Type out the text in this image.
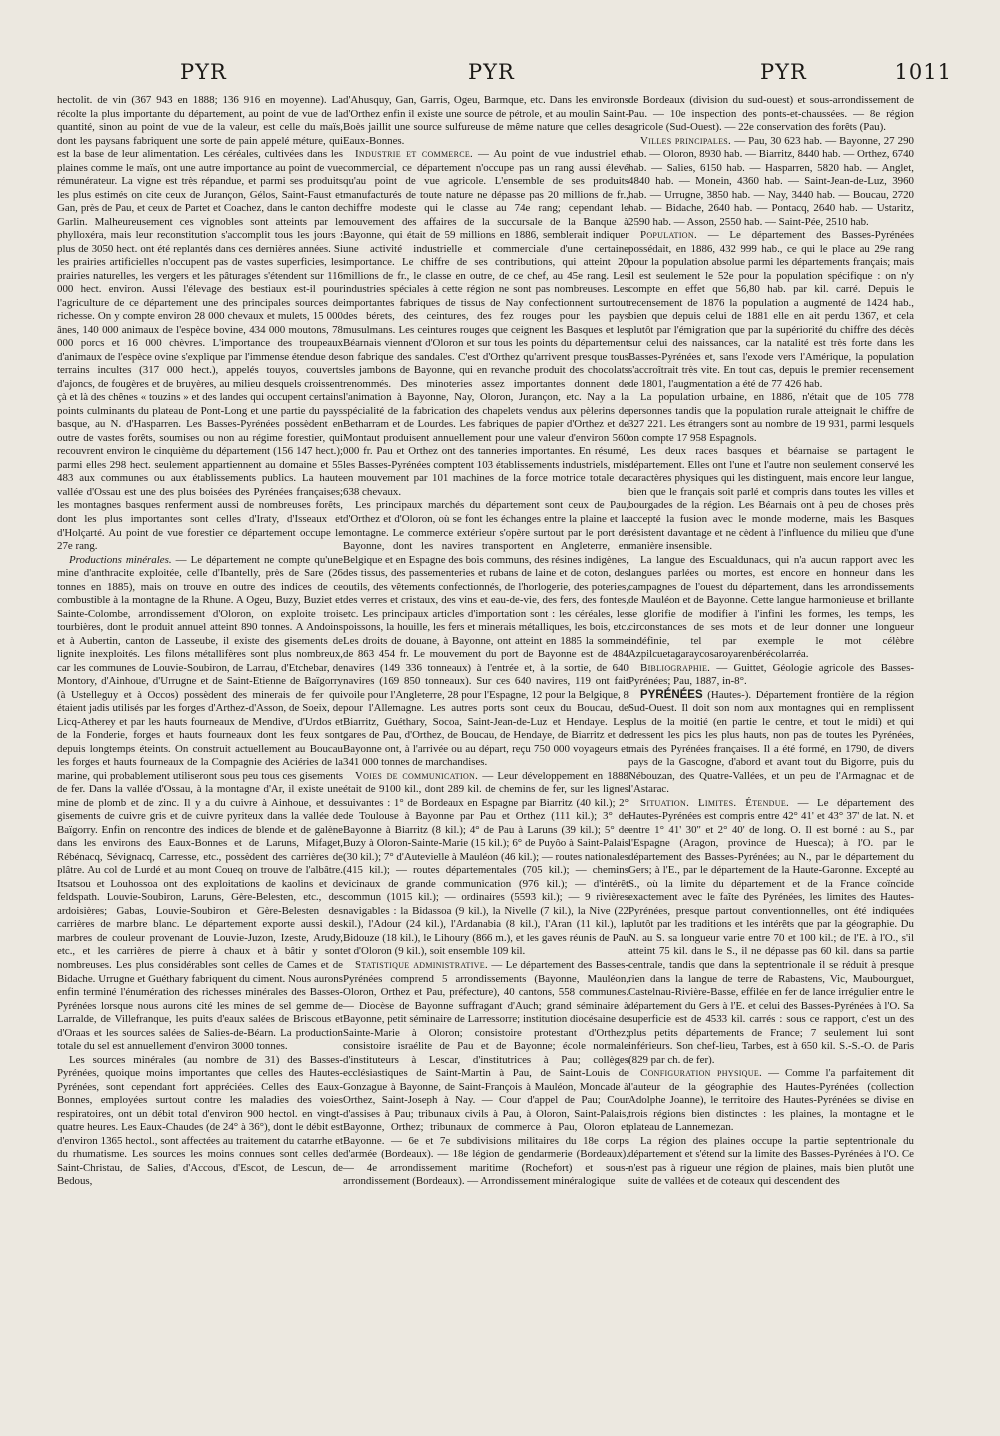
PYR	PYR	PYR	1011

hectolit. de vin (367 943 en 1888; 136 916 en moyenne). La récolte la plus importante du département, au point de vue de la quantité, sinon au point de vue de la valeur, est celle du maïs, dont les paysans fabriquent une sorte de pain appelé méture, qui est la base de leur alimentation. Les céréales, cultivées dans les plaines comme le maïs, ont une autre importance au point de vue rémunérateur. La vigne est très répandue, et parmi ses produits les plus estimés on cite ceux de Jurançon, Gélos, Saint-Faust et Gan, près de Pau, et ceux de Partet et Coachez, dans le canton de Garlin. Malheureusement ces vignobles sont atteints par le phylloxéra, mais leur reconstitution s'accomplit tous les jours : plus de 3050 hect. ont été replantés dans ces dernières années. Si les prairies artificielles n'occupent pas de vastes superficies, les prairies naturelles, les vergers et les pâturages s'étendent sur 116 000 hect. environ. Aussi l'élevage des bestiaux est-il pour l'agriculture de ce département une des principales sources de richesse. On y compte environ 28 000 chevaux et mulets, 15 000 ânes, 140 000 animaux de l'espèce bovine, 434 000 moutons, 78 000 porcs et 16 000 chèvres. L'importance des troupeaux d'animaux de l'espèce ovine s'explique par l'immense étendue des terrains incultes (317 000 hect.), appelés touyos, couverts d'ajoncs, de fougères et de bruyères, au milieu desquels croissent çà et là des chênes « touzins » et des landes qui occupent certains points culminants du plateau de Pont-Long et une partie du pays basque, au N. d'Hasparren. Les Basses-Pyrénées possèdent en outre de vastes forêts, soumises ou non au régime forestier, qui recouvrent environ le cinquième du département (156 147 hect.); parmi elles 298 hect. seulement appartiennent au domaine et 55 483 aux communes ou aux établissements publics. La haute vallée d'Ossau est une des plus boisées des Pyrénées françaises; les montagnes basques renferment aussi de nombreuses forêts, dont les plus importantes sont celles d'Iraty, d'Isseaux et d'Holçarté. Au point de vue forestier ce département occupe le 27e rang.

Productions minérales. — Le département ne compte qu'une mine d'anthracite exploitée, celle d'Ibantelly, près de Sare (26 tonnes en 1885), mais on trouve en outre des indices de ce combustible à la montagne de la Rhune. A Ogeu, Buzy, Buziet et Sainte-Colombe, arrondissement d'Oloron, on exploite trois tourbières, dont le produit annuel atteint 890 tonnes. A Andoins et à Aubertin, canton de Lasseube, il existe des gisements de lignite inexploités. Les filons métallifères sont plus nombreux, car les communes de Louvie-Soubiron, de Larrau, d'Etchebar, de Montory, d'Ainhoue, d'Urrugne et de Saint-Etienne de Baïgorry (à Ustelleguy et à Occos) possèdent des minerais de fer qui étaient jadis utilisés par les forges d'Arthez-d'Asson, de Soeix, de Licq-Atherey et par les hauts fourneaux de Mendive, d'Urdos et de la Fonderie, forges et hauts fourneaux dont les feux sont depuis longtemps éteints. On construit actuellement au Boucau les forges et hauts fourneaux de la Compagnie des Aciéries de la marine, qui probablement utiliseront sous peu tous ces gisements de fer. Dans la vallée d'Ossau, à la montagne d'Ar, il existe une mine de plomb et de zinc. Il y a du cuivre à Ainhoue, et des gisements de cuivre gris et de cuivre pyriteux dans la vallée de Baïgorry. Enfin on rencontre des indices de blende et de galène dans les environs des Eaux-Bonnes et de Laruns, Mifaget, Rébénacq, Sévignacq, Carresse, etc., possèdent des carrières de plâtre. Au col de Lurdé et au mont Coueq on trouve de l'albâtre. Itsatsou et Louhossoa ont des exploitations de kaolins et de feldspath. Louvie-Soubiron, Laruns, Gère-Belesten, etc., des ardoisières; Gabas, Louvie-Soubiron et Gère-Belesten des carrières de marbre blanc. Le département exporte aussi des marbres de couleur provenant de Louvie-Juzon, Izeste, Arudy, etc., et les carrières de pierre à chaux et à bâtir y sont nombreuses. Les plus considérables sont celles de Cames et de Bidache. Urrugne et Guéthary fabriquent du ciment. Nous aurons enfin terminé l'énumération des richesses minérales des Basses-Pyrénées lorsque nous aurons cité les mines de sel gemme de Larralde, de Villefranque, les puits d'eaux salées de Briscous et d'Oraas et les sources salées de Salies-de-Béarn. La production totale du sel est annuellement d'environ 3000 tonnes.

Les sources minérales (au nombre de 31) des Basses-Pyrénées, quoique moins importantes que celles des Hautes-Pyrénées, sont cependant fort appréciées. Celles des Eaux-Bonnes, employées surtout contre les maladies des voies respiratoires, ont un débit total d'environ 900 hectol. en vingt-quatre heures. Les Eaux-Chaudes (de 24° à 36°), dont le débit est d'environ 1365 hectol., sont affectées au traitement du catarrhe et du rhumatisme. Les sources les moins connues sont celles de Saint-Christau, de Salies, d'Accous, d'Escot, de Lescun, de Bedous,

d'Ahusquy, Gan, Garris, Ogeu, Barmque, etc. Dans les environs d'Orthez enfin il existe une source de pétrole, et au moulin Saint-Boès jaillit une source sulfureuse de même nature que celles des Eaux-Bonnes.

Industrie et commerce. — Au point de vue industriel et commercial, ce département n'occupe pas un rang aussi élevé qu'au point de vue agricole. L'ensemble de ses produits manufacturés de toute nature ne dépasse pas 20 millions de fr., chiffre modeste qui le classe au 74e rang; cependant le mouvement des affaires de la succursale de la Banque à Bayonne, qui était de 59 millions en 1886, semblerait indiquer une activité industrielle et commerciale d'une certaine importance. Le chiffre de ses contributions, qui atteint 20 millions de fr., le classe en outre, de ce chef, au 45e rang. Les industries spéciales à cette région ne sont pas nombreuses. Les importantes fabriques de tissus de Nay confectionnent surtout des bérets, des ceintures, des fez rouges pour les pays musulmans. Les ceintures rouges que ceignent les Basques et les Béarnais viennent d'Oloron et sur tous les points du département on fabrique des sandales. C'est d'Orthez qu'arrivent presque tous les jambons de Bayonne, qui en revanche produit des chocolats renommés. Des minoteries assez importantes donnent de l'animation à Bayonne, Nay, Oloron, Jurançon, etc. Nay a la spécialité de la fabrication des chapelets vendus aux pèlerins de Betharram et de Lourdes. Les fabriques de papier d'Orthez et de Montaut produisent annuellement pour une valeur d'environ 560 000 fr. Pau et Orthez ont des tanneries importantes. En résumé, les Basses-Pyrénées comptent 103 établissements industriels, mis en mouvement par 101 machines de la force motrice totale de 638 chevaux.

Les principaux marchés du département sont ceux de Pau, d'Orthez et d'Oloron, où se font les échanges entre la plaine et la montagne. Le commerce extérieur s'opère surtout par le port de Bayonne, dont les navires transportent en Angleterre, en Belgique et en Espagne des bois communs, des résines indigènes, des tissus, des passementeries et rubans de laine et de coton, des outils, des vêtements confectionnés, de l'horlogerie, des poteries, des verres et cristaux, des vins et eau-de-vie, des fers, des fontes, etc. Les principaux articles d'importation sont : les céréales, les poissons, la houille, les fers et minerais métalliques, les bois, etc. Les droits de douane, à Bayonne, ont atteint en 1885 la somme de 863 454 fr. Le mouvement du port de Bayonne est de 484 navires (149 336 tonneaux) à l'entrée et, à la sortie, de 640 navires (169 850 tonneaux). Sur ces 640 navires, 119 ont fait voile pour l'Angleterre, 28 pour l'Espagne, 12 pour la Belgique, 8 pour l'Allemagne. Les autres ports sont ceux du Boucau, de Biarritz, Guéthary, Socoa, Saint-Jean-de-Luz et Hendaye. Les gares de Pau, d'Orthez, de Boucau, de Hendaye, de Biarritz et de Bayonne ont, à l'arrivée ou au départ, reçu 750 000 voyageurs et 341 000 tonnes de marchandises.

Voies de communication. — Leur développement en 1888 était de 9100 kil., dont 289 kil. de chemins de fer, sur les lignes suivantes : 1° de Bordeaux en Espagne par Biarritz (40 kil.); 2° de Toulouse à Bayonne par Pau et Orthez (111 kil.); 3° de Bayonne à Biarritz (8 kil.); 4° de Pau à Laruns (39 kil.); 5° de Buzy à Oloron-Sainte-Marie (15 kil.); 6° de Puyôo à Saint-Palais (30 kil.); 7° d'Autevielle à Mauléon (46 kil.); — routes nationales (415 kil.); — routes départementales (705 kil.); — chemins vicinaux de grande communication (976 kil.); — d'intérêt commun (1015 kil.); — ordinaires (5593 kil.); — 9 rivières navigables : la Bidassoa (9 kil.), la Nivelle (7 kil.), la Nive (22 kil.), l'Adour (24 kil.), l'Ardanabia (8 kil.), l'Aran (11 kil.), la Bidouze (18 kil.), le Lihoury (866 m.), et les gaves réunis de Pau et d'Oloron (9 kil.), soit ensemble 109 kil.

Statistique administrative. — Le département des Basses-Pyrénées comprend 5 arrondissements (Bayonne, Mauléon, Oloron, Orthez et Pau, préfecture), 40 cantons, 558 communes. — Diocèse de Bayonne suffragant d'Auch; grand séminaire à Bayonne, petit séminaire de Larressorre; institution diocésaine de Sainte-Marie à Oloron; consistoire protestant d'Orthez; consistoire israélite de Pau et de Bayonne; école normale d'instituteurs à Lescar, d'institutrices à Pau; collèges ecclésiastiques de Saint-Martin à Pau, de Saint-Louis de Gonzague à Bayonne, de Saint-François à Mauléon, Moncade à Orthez, Saint-Joseph à Nay. — Cour d'appel de Pau; Cour d'assises à Pau; tribunaux civils à Pau, à Oloron, Saint-Palais, Bayonne, Orthez; tribunaux de commerce à Pau, Oloron et Bayonne. — 6e et 7e subdivisions militaires du 18e corps d'armée (Bordeaux). — 18e légion de gendarmerie (Bordeaux). — 4e arrondissement maritime (Rochefort) et sous-arrondissement (Bordeaux). — Arrondissement minéralogique

de Bordeaux (division du sud-ouest) et sous-arrondissement de Pau. — 10e inspection des ponts-et-chaussées. — 8e région agricole (Sud-Ouest). — 22e conservation des forêts (Pau).

Villes principales. — Pau, 30 623 hab. — Bayonne, 27 290 hab. — Oloron, 8930 hab. — Biarritz, 8440 hab. — Orthez, 6740 hab. — Salies, 6150 hab. — Hasparren, 5820 hab. — Anglet, 4840 hab. — Monein, 4360 hab. — Saint-Jean-de-Luz, 3960 hab. — Urrugne, 3850 hab. — Nay, 3440 hab. — Boucau, 2720 hab. — Bidache, 2640 hab. — Pontacq, 2640 hab. — Ustaritz, 2590 hab. — Asson, 2550 hab. — Saint-Pée, 2510 hab.

Population. — Le département des Basses-Pyrénées possédait, en 1886, 432 999 hab., ce qui le place au 29e rang pour la population absolue parmi les départements français; mais il est seulement le 52e pour la population spécifique : on n'y compte en effet que 56,80 hab. par kil. carré. Depuis le recensement de 1876 la population a augmenté de 1424 hab., bien que depuis celui de 1881 elle en ait perdu 1367, et cela plutôt par l'émigration que par la supériorité du chiffre des décès sur celui des naissances, car la natalité est très forte dans les Basses-Pyrénées et, sans l'exode vers l'Amérique, la population s'accroîtrait très vite. En tout cas, depuis le premier recensement de 1801, l'augmentation a été de 77 426 hab.

La population urbaine, en 1886, n'était que de 105 778 personnes tandis que la population rurale atteignait le chiffre de 327 221. Les étrangers sont au nombre de 19 931, parmi lesquels on compte 17 958 Espagnols.

Les deux races basques et béarnaise se partagent le département. Elles ont l'une et l'autre non seulement conservé les caractères physiques qui les distinguent, mais encore leur langue, bien que le français soit parlé et compris dans toutes les villes et bourgades de la région. Les Béarnais ont à peu de choses près accepté la fusion avec le monde moderne, mais les Basques résistent davantage et ne cèdent à l'influence du milieu que d'une manière insensible.

La langue des Escualdunacs, qui n'a aucun rapport avec les langues parlées ou mortes, est encore en honneur dans les campagnes de l'ouest du département, dans les arrondissements de Mauléon et de Bayonne. Cette langue harmonieuse et brillante se glorifie de modifier à l'infini les formes, les temps, les circonstances de ses mots et de leur donner une longueur indéfinie, tel par exemple le mot célèbre Azpilcuetagaraycosaroyarenbérécolarréa.

Bibliographie. — Guittet, Géologie agricole des Basses-Pyrénées; Pau, 1887, in-8°.

PYRÉNÉES (Hautes-). Département frontière de la région Sud-Ouest. Il doit son nom aux montagnes qui en remplissent plus de la moitié (en partie le centre, et tout le midi) et qui dressent les pics les plus hauts, non pas de toutes les Pyrénées, mais des Pyrénées françaises. Il a été formé, en 1790, de divers pays de la Gascogne, d'abord et avant tout du Bigorre, puis du Nébouzan, des Quatre-Vallées, et un peu de l'Armagnac et de l'Astarac.

Situation. Limites. Étendue. — Le département des Hautes-Pyrénées est compris entre 42° 41' et 43° 37' de lat. N. et entre 1° 41' 30" et 2° 40' de long. O. Il est borné : au S., par l'Espagne (Aragon, province de Huesca); à l'O. par le département des Basses-Pyrénées; au N., par le département du Gers; à l'E., par le département de la Haute-Garonne. Excepté au S., où la limite du département et de la France coïncide exactement avec le faîte des Pyrénées, les limites des Hautes-Pyrénées, presque partout conventionnelles, ont été indiquées plutôt par les traditions et les intérêts que par la géographie. Du N. au S. sa longueur varie entre 70 et 100 kil.; de l'E. à l'O., s'il atteint 75 kil. dans le S., il ne dépasse pas 60 kil. dans sa partie centrale, tandis que dans la septentrionale il se réduit à presque rien dans la langue de terre de Rabastens, Vic, Maubourguet, Castelnau-Rivière-Basse, effilée en fer de lance irrégulier entre le département du Gers à l'E. et celui des Basses-Pyrénées à l'O. Sa superficie est de 4533 kil. carrés : sous ce rapport, c'est un des plus petits départements de France; 7 seulement lui sont inférieurs. Son chef-lieu, Tarbes, est à 650 kil. S.-S.-O. de Paris (829 par ch. de fer).

Configuration physique. — Comme l'a parfaitement dit l'auteur de la géographie des Hautes-Pyrénées (collection Adolphe Joanne), le territoire des Hautes-Pyrénées se divise en trois régions bien distinctes : les plaines, la montagne et le plateau de Lannemezan.

La région des plaines occupe la partie septentrionale du département et s'étend sur la limite des Basses-Pyrénées à l'O. Ce n'est pas à rigueur une région de plaines, mais bien plutôt une suite de vallées et de coteaux qui descendent des
